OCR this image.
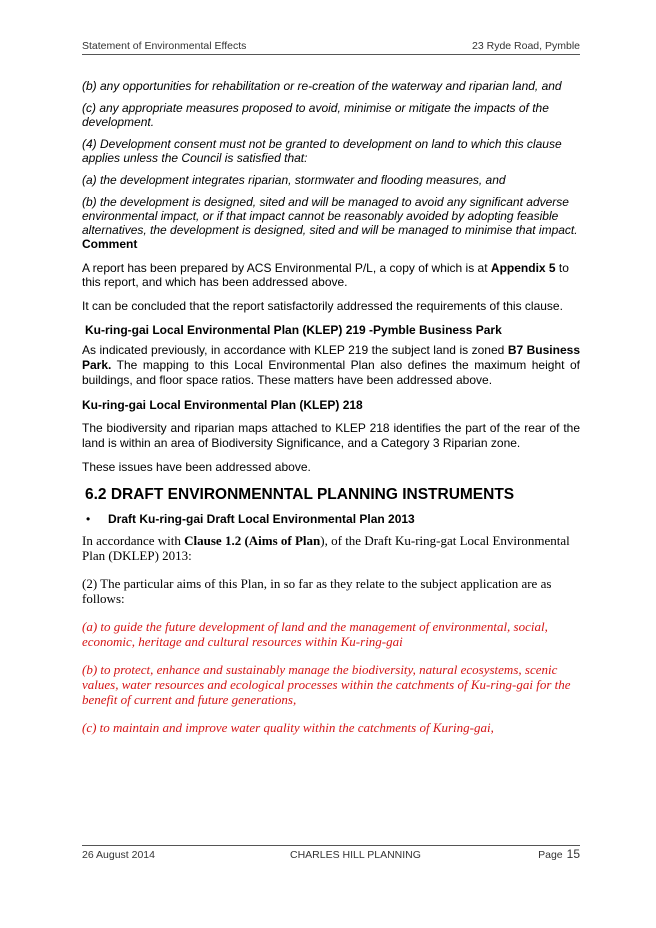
Statement of Environmental Effects	23 Ryde Road, Pymble

(b) any opportunities for rehabilitation or re-creation of the waterway and riparian land, and

(c) any appropriate measures proposed to avoid, minimise or mitigate the impacts of the development.

(4) Development consent must not be granted to development on land to which this clause applies unless the Council is satisfied that:

(a) the development integrates riparian, stormwater and flooding measures, and

(b) the development is designed, sited and will be managed to avoid any significant adverse environmental impact, or if that impact cannot be reasonably avoided by adopting feasible alternatives, the development is designed, sited and will be managed to minimise that impact.

Comment

A report has been prepared by ACS Environmental P/L, a copy of which is at Appendix 5 to this report, and which has been addressed above.

It can be concluded that the report satisfactorily addressed the requirements of this clause.

Ku-ring-gai Local Environmental Plan (KLEP) 219 -Pymble Business Park

As indicated previously, in accordance with KLEP 219 the subject land is zoned B7 Business Park. The mapping to this Local Environmental Plan also defines the maximum height of buildings, and floor space ratios. These matters have been addressed above.

Ku-ring-gai Local Environmental Plan (KLEP) 218

The biodiversity and riparian maps attached to KLEP 218 identifies the part of the rear of the land is within an area of Biodiversity Significance, and a Category 3 Riparian zone.

These issues have been addressed above.

6.2 DRAFT ENVIRONMENNTAL PLANNING INSTRUMENTS

•	Draft Ku-ring-gai Draft Local Environmental Plan 2013

In accordance with Clause 1.2 (Aims of Plan), of the Draft Ku-ring-gat Local Environmental Plan (DKLEP) 2013:

(2) The particular aims of this Plan, in so far as they relate to the subject application are as follows:

(a) to guide the future development of land and the management of environmental, social, economic, heritage and cultural resources within Ku-ring-gai

(b) to protect, enhance and sustainably manage the biodiversity, natural ecosystems, scenic values, water resources and ecological processes within the catchments of Ku-ring-gai for the benefit of current and future generations,

(c) to maintain and improve water quality within the catchments of Kuring-gai,

26 August 2014	CHARLES HILL PLANNING	Page 15
